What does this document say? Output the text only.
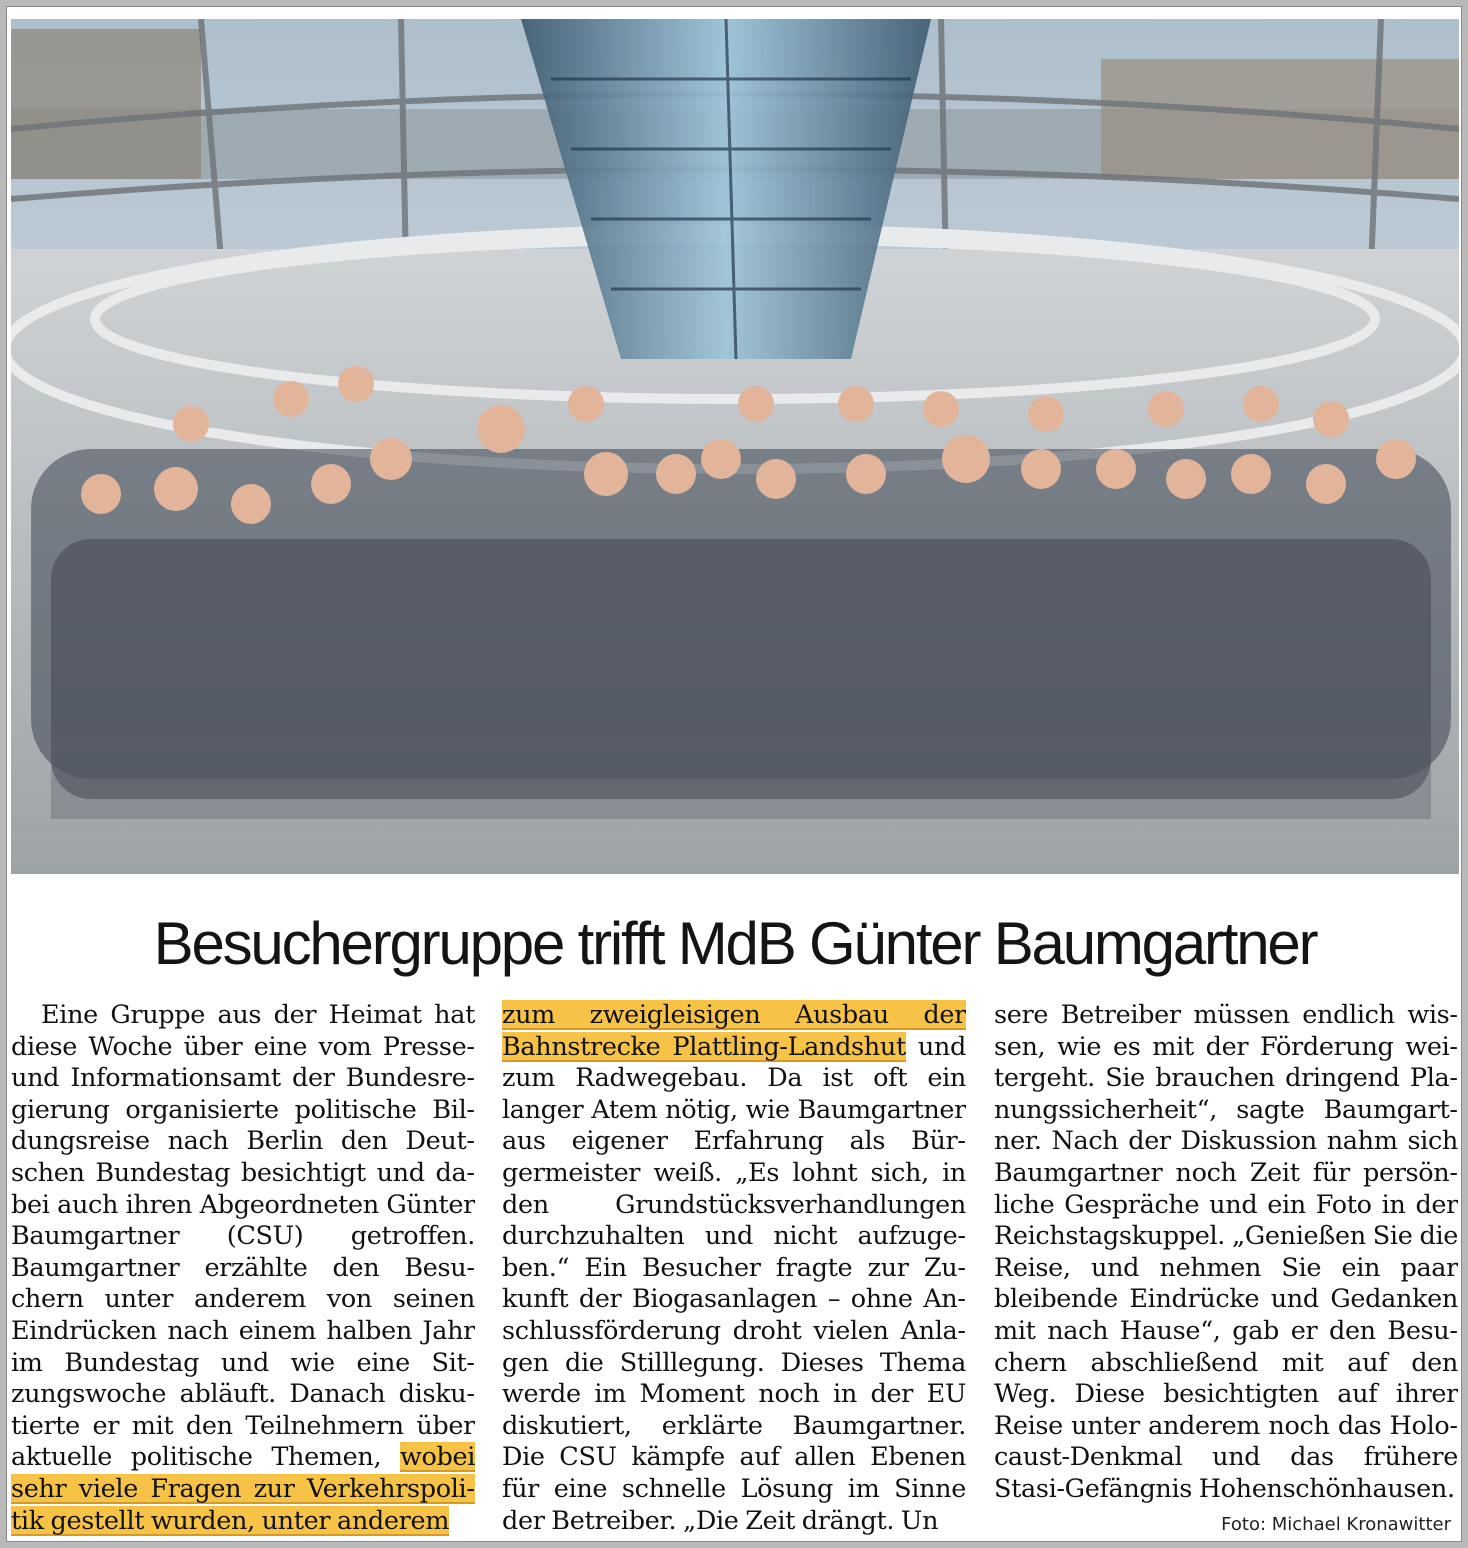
Besuchergruppe trifft MdB Günter Baumgartner

Eine Gruppe aus der Heimat hat diese Woche über eine vom Presseund Informationsamt der Bundesregierung organisierte politische Bildungsreise nach Berlin den Deutschen Bundestag besichtigt und dabei auch ihren Abgeordneten Günter Baumgartner (CSU) getroffen. Baumgartner erzählte den Besuchern unter anderem von seinen Eindrücken nach einem halben Jahr im Bundestag und wie eine Sitzungswoche abläuft. Danach diskutierte er mit den Teilnehmern über aktuelle politische Themen, wobei sehr viele Fragen zur Verkehrspolitik gestellt wurden, unter anderem

zum zweigleisigen Ausbau der Bahnstrecke Plattling-Landshut und zum Radwegebau. Da ist oft ein langer Atem nötig, wie Baumgartner aus eigener Erfahrung als Bürgermeister weiß. „Es lohnt sich, in den Grundstücksverhandlungen durchzuhalten und nicht aufzugeben.“ Ein Besucher fragte zur Zukunft der Biogasanlagen – ohne Anschlussförderung droht vielen Anlagen die Stilllegung. Dieses Thema werde im Moment noch in der EU diskutiert, erklärte Baumgartner. Die CSU kämpfe auf allen Ebenen für eine schnelle Lösung im Sinne der Betreiber. „Die Zeit drängt. Un

sere Betreiber müssen endlich wissen, wie es mit der Förderung weitergeht. Sie brauchen dringend Planungssicherheit“, sagte Baumgartner. Nach der Diskussion nahm sich Baumgartner noch Zeit für persönliche Gespräche und ein Foto in der Reichstagskuppel. „Genießen Sie die Reise, und nehmen Sie ein paar bleibende Eindrücke und Gedanken mit nach Hause“, gab er den Besuchern abschließend mit auf den Weg. Diese besichtigten auf ihrer Reise unter anderem noch das Holocaust-Denkmal und das frühere Stasi-Gefängnis Hohenschönhausen.

Foto: Michael Kronawitter
